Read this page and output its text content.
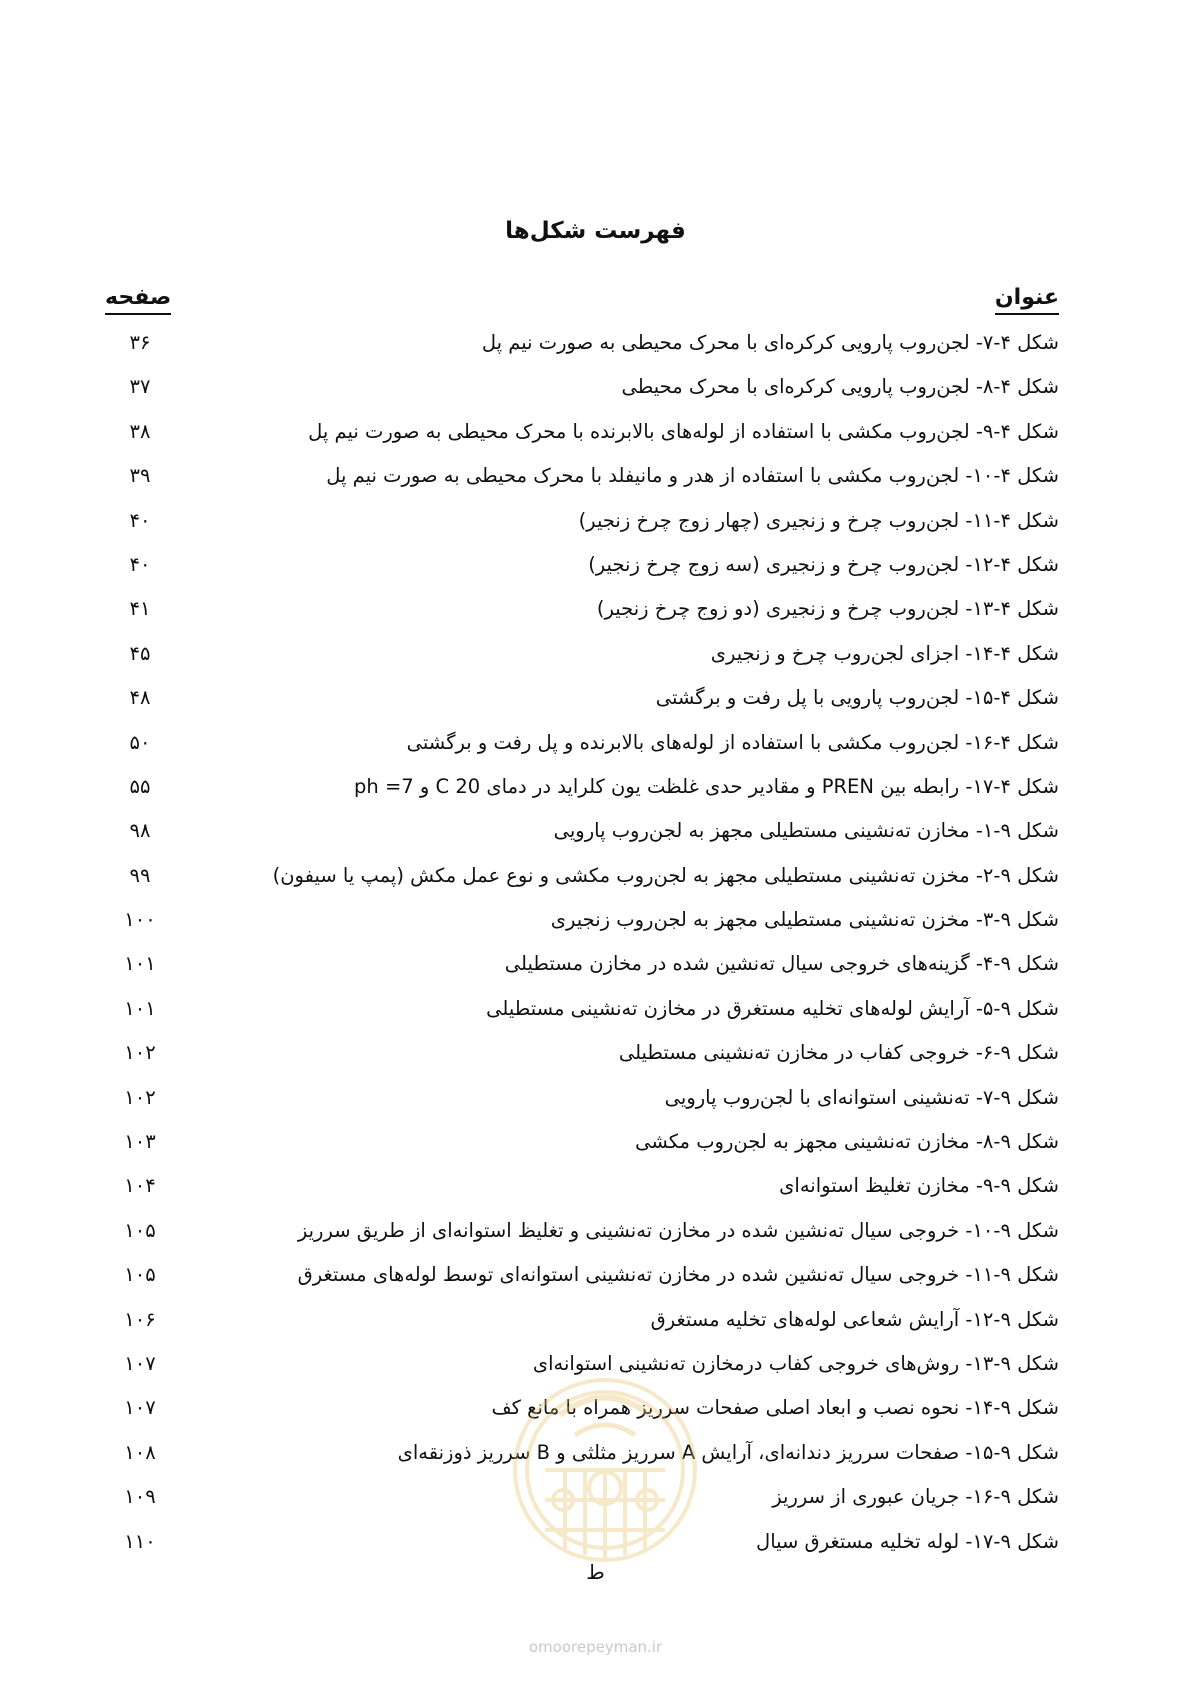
فهرست شکل‌ها
عنوان
صفحه
شکل ۴-۷- لجن‌روب پارویی کرکره‌ای با محرک محیطی به صورت نیم پل
۳۶
شکل ۴-۸- لجن‌روب پارویی کرکره‌ای با محرک محیطی
۳۷
شکل ۴-۹- لجن‌روب مکشی با استفاده از لوله‌های بالابرنده با محرک محیطی به صورت نیم پل
۳۸
شکل ۴-۱۰- لجن‌روب مکشی با استفاده از هدر و مانیفلد با محرک محیطی به صورت نیم پل
۳۹
شکل ۴-۱۱- لجن‌روب چرخ و زنجیری (چهار زوج چرخ زنجیر)
۴۰
شکل ۴-۱۲- لجن‌روب چرخ و زنجیری (سه زوج چرخ زنجیر)
۴۰
شکل ۴-۱۳- لجن‌روب چرخ و زنجیری (دو زوج چرخ زنجیر)
۴۱
شکل ۴-۱۴- اجزای لجن‌روب چرخ و زنجیری
۴۵
شکل ۴-۱۵- لجن‌روب پارویی با پل رفت و برگشتی
۴۸
شکل ۴-۱۶- لجن‌روب مکشی با استفاده از لوله‌های بالابرنده و پل رفت و برگشتی
۵۰
شکل ۴-۱۷- رابطه بین PREN و مقادیر حدی غلظت یون کلراید در دمای 20 C و ph =7
۵۵
شکل ۹-۱- مخازن ته‌نشینی مستطیلی مجهز به لجن‌روب پارویی
۹۸
شکل ۹-۲- مخزن ته‌نشینی مستطیلی مجهز به لجن‌روب مکشی و نوع عمل مکش (پمپ یا سیفون)
۹۹
شکل ۹-۳- مخزن ته‌نشینی مستطیلی مجهز به لجن‌روب زنجیری
۱۰۰
شکل ۹-۴- گزینه‌های خروجی سیال ته‌نشین شده در مخازن مستطیلی
۱۰۱
شکل ۹-۵- آرایش لوله‌های تخلیه مستغرق در مخازن ته‌نشینی مستطیلی
۱۰۱
شکل ۹-۶- خروجی کفاب در مخازن ته‌نشینی مستطیلی
۱۰۲
شکل ۹-۷- ته‌نشینی استوانه‌ای با لجن‌روب پارویی
۱۰۲
شکل ۹-۸- مخازن ته‌نشینی مجهز به لجن‌روب مکشی
۱۰۳
شکل ۹-۹- مخازن تغلیظ استوانه‌ای
۱۰۴
شکل ۹-۱۰- خروجی سیال ته‌نشین شده در مخازن ته‌نشینی و تغلیظ استوانه‌ای از طریق سرریز
۱۰۵
شکل ۹-۱۱- خروجی سیال ته‌نشین شده در مخازن ته‌نشینی استوانه‌ای توسط لوله‌های مستغرق
۱۰۵
شکل ۹-۱۲- آرایش شعاعی لوله‌های تخلیه مستغرق
۱۰۶
شکل ۹-۱۳- روش‌های خروجی کفاب درمخازن ته‌نشینی استوانه‌ای
۱۰۷
شکل ۹-۱۴- نحوه نصب و ابعاد اصلی صفحات سرریز همراه با مانع کف
۱۰۷
شکل ۹-۱۵- صفحات سرریز دندانه‌ای، آرایش A سرریز مثلثی و B سرریز ذوزنقه‌ای
۱۰۸
شکل ۹-۱۶- جریان عبوری از سرریز
۱۰۹
شکل ۹-۱۷- لوله تخلیه مستغرق سیال
۱۱۰
ط
omoorepeyman.ir
